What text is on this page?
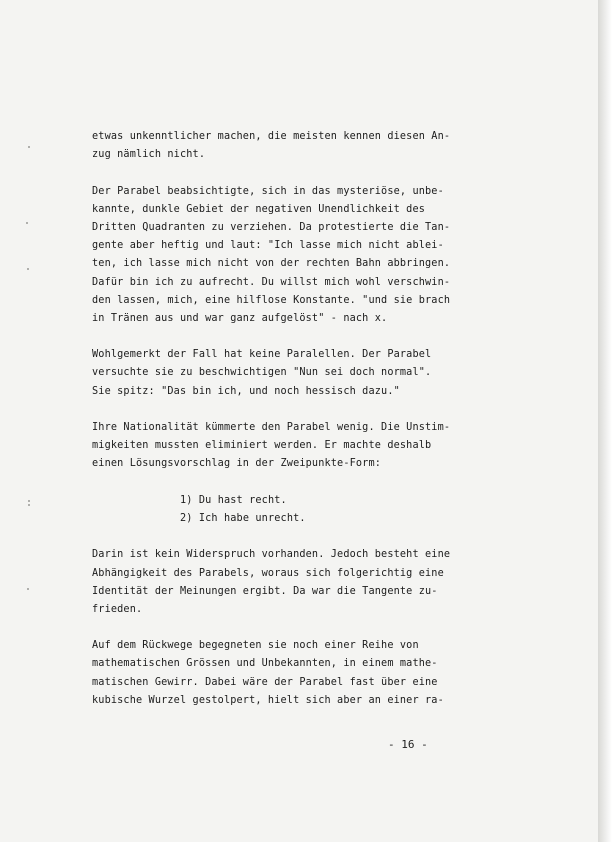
etwas unkenntlicher machen, die meisten kennen diesen An-
zug nämlich nicht.
Der Parabel beabsichtigte, sich in das mysteriöse, unbe-
kannte, dunkle Gebiet der negativen Unendlichkeit des
Dritten Quadranten zu verziehen. Da protestierte die Tan-
gente aber heftig und laut: "Ich lasse mich nicht ablei-
ten, ich lasse mich nicht von der rechten Bahn abbringen.
Dafür bin ich zu aufrecht. Du willst mich wohl verschwin-
den lassen, mich, eine hilflose Konstante. "und sie brach
in Tränen aus und war ganz aufgelöst" - nach x.
Wohlgemerkt der Fall hat keine Paralellen. Der Parabel
versuchte sie zu beschwichtigen "Nun sei doch normal".
Sie spitz: "Das bin ich, und noch hessisch dazu."
Ihre Nationalität kümmerte den Parabel wenig. Die Unstim-
migkeiten mussten eliminiert werden. Er machte deshalb
einen Lösungsvorschlag in der Zweipunkte-Form:
1) Du hast recht.
2) Ich habe unrecht.
Darin ist kein Widerspruch vorhanden. Jedoch besteht eine
Abhängigkeit des Parabels, woraus sich folgerichtig eine
Identität der Meinungen ergibt. Da war die Tangente zu-
frieden.
Auf dem Rückwege begegneten sie noch einer Reihe von
mathematischen Grössen und Unbekannten, in einem mathe-
matischen Gewirr. Dabei wäre der Parabel fast über eine
kubische Wurzel gestolpert, hielt sich aber an einer ra-
- 16 -
